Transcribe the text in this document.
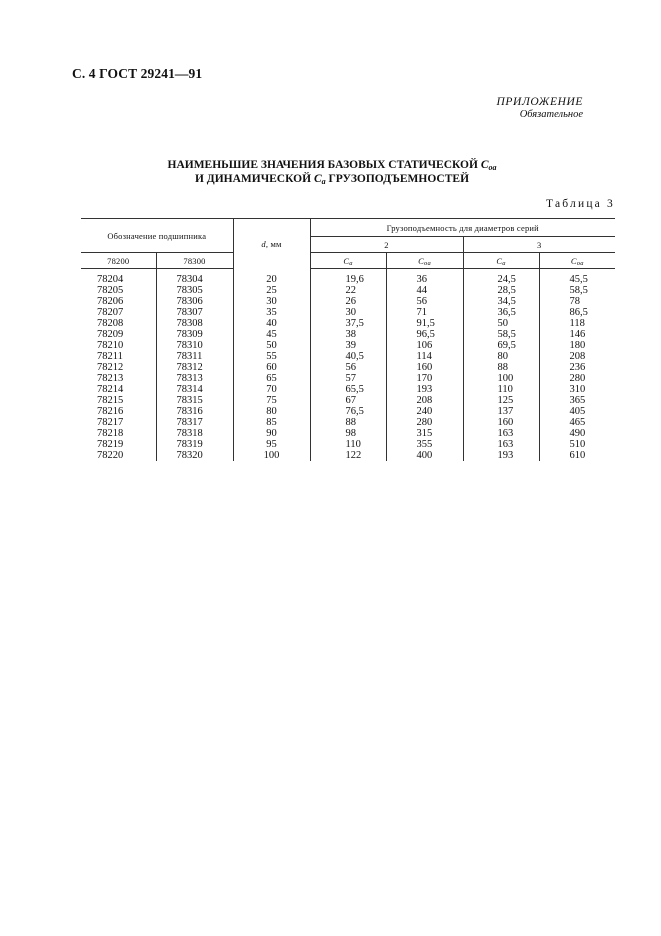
С. 4 ГОСТ 29241—91
ПРИЛОЖЕНИЕ
Обязательное
НАИМЕНЬШИЕ ЗНАЧЕНИЯ БАЗОВЫХ СТАТИЧЕСКОЙ $C_{oa}$
И ДИНАМИЧЕСКОЙ $C_a$ ГРУЗОПОДЪЕМНОСТЕЙ
Таблица 3
Обозначение подшипника		d, мм	Грузоподъемность для диаметров серий			
			2		3	
78200	78300		$C_a$	$C_{oa}$	$C_a$	$C_{oa}$
78204	78304	20	19,6	36	24,5	45,5
78205	78305	25	22	44	28,5	58,5
78206	78306	30	26	56	34,5	78
78207	78307	35	30	71	36,5	86,5
78208	78308	40	37,5	91,5	50	118
78209	78309	45	38	96,5	58,5	146
78210	78310	50	39	106	69,5	180
78211	78311	55	40,5	114	80	208
78212	78312	60	56	160	88	236
78213	78313	65	57	170	100	280
78214	78314	70	65,5	193	110	310
78215	78315	75	67	208	125	365
78216	78316	80	76,5	240	137	405
78217	78317	85	88	280	160	465
78218	78318	90	98	315	163	490
78219	78319	95	110	355	163	510
78220	78320	100	122	400	193	610
